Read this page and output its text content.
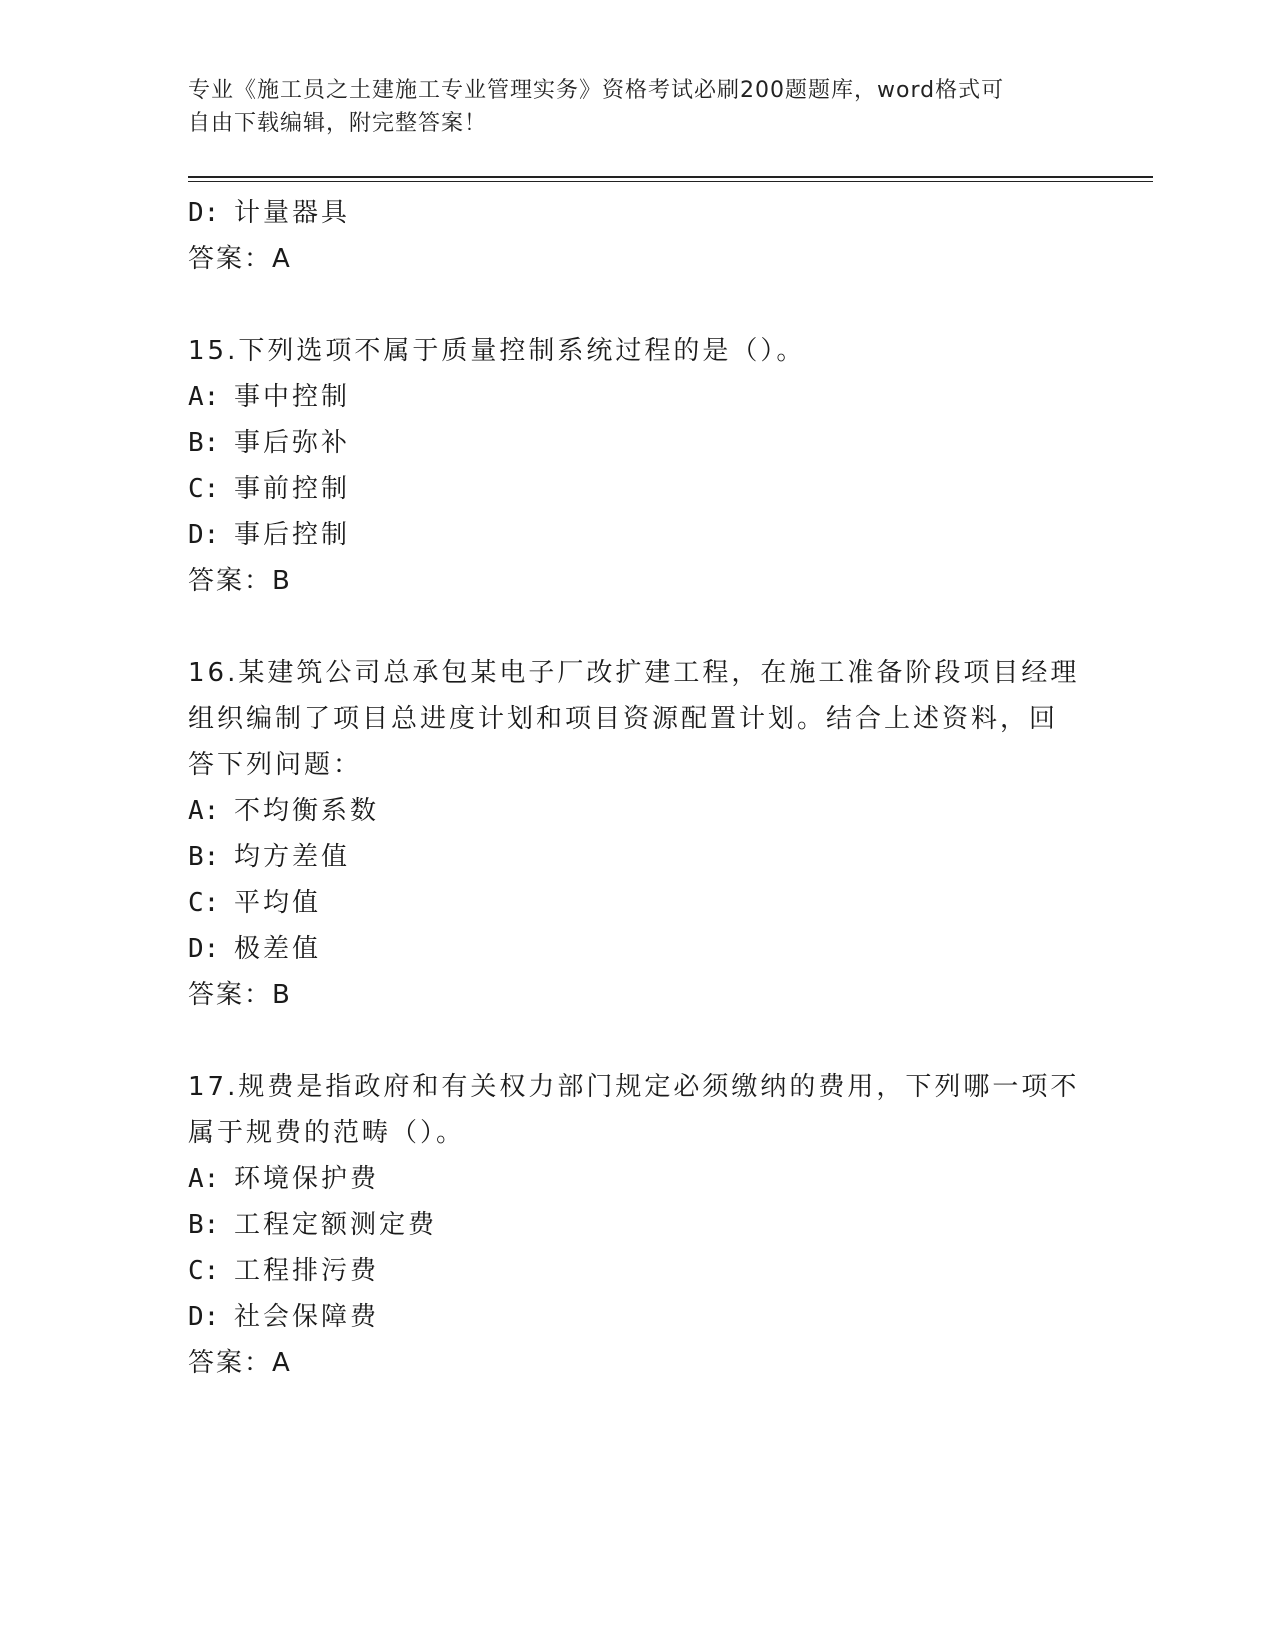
专业《施工员之土建施工专业管理实务》资格考试必刷200题题库，word格式可
自由下载编辑，附完整答案！
D: 计量器具
答案：A
15.下列选项不属于质量控制系统过程的是（）。
A: 事中控制
B: 事后弥补
C: 事前控制
D: 事后控制
答案：B
16.某建筑公司总承包某电子厂改扩建工程，在施工准备阶段项目经理
组织编制了项目总进度计划和项目资源配置计划。结合上述资料，回
答下列问题：
A: 不均衡系数
B: 均方差值
C: 平均值
D: 极差值
答案：B
17.规费是指政府和有关权力部门规定必须缴纳的费用，下列哪一项不
属于规费的范畴（）。
A: 环境保护费
B: 工程定额测定费
C: 工程排污费
D: 社会保障费
答案：A
